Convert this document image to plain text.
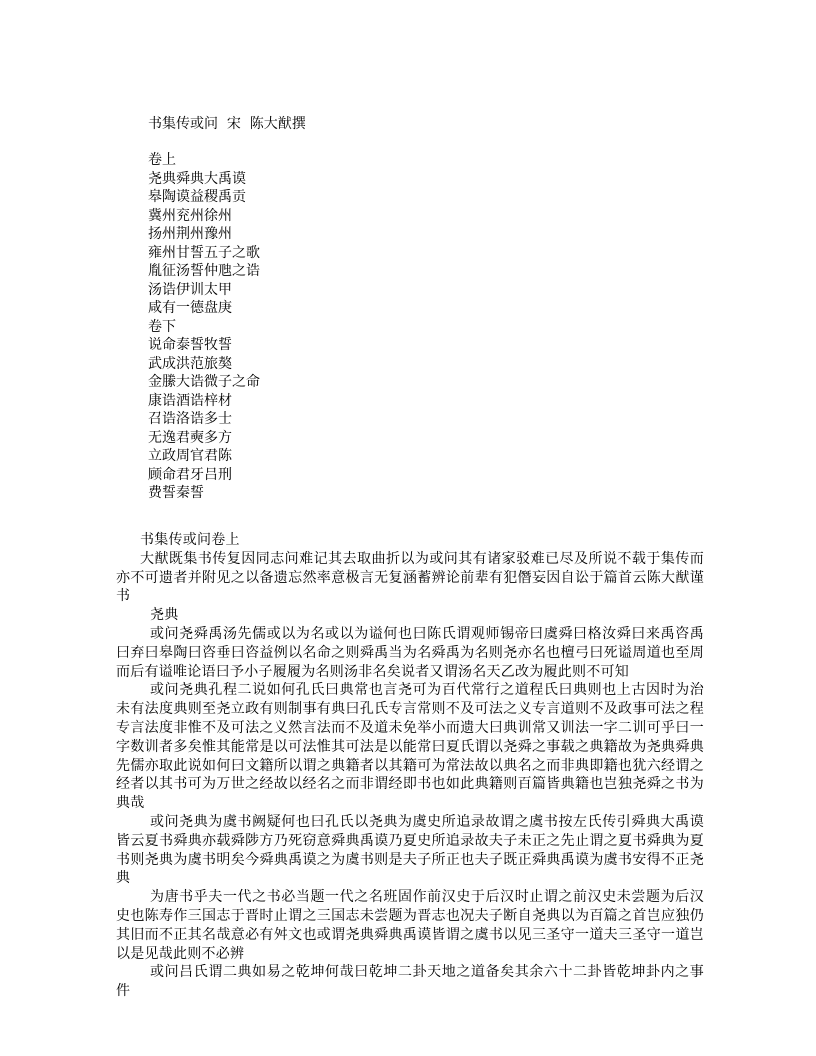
书集传或问  宋  陈大猷撰
卷上
尧典舜典大禹谟
皋陶谟益稷禹贡
冀州兖州徐州
扬州荆州豫州
雍州甘誓五子之歌
胤征汤誓仲虺之诰
汤诰伊训太甲
咸有一德盘庚
卷下
说命泰誓牧誓
武成洪范旅獒
金縢大诰微子之命
康诰酒诰梓材
召诰洛诰多士
无逸君奭多方
立政周官君陈
顾命君牙吕刑
费誓秦誓

书集传或问卷上

大猷既集书传复因同志问难记其去取曲折以为或问其有诸家驳难已尽及所说不载于集传而亦不可遗者并附见之以备遗忘然率意极言无复涵蓄辨论前辈有犯僭妄因自讼于篇首云陈大猷谨书

尧典

或问尧舜禹汤先儒或以为名或以为谥何也曰陈氏谓观师锡帝曰虞舜曰格汝舜曰来禹咨禹曰弃曰皋陶曰咨垂曰咨益例以名命之则舜禹当为名舜禹为名则尧亦名也檀弓曰死谥周道也至周而后有谥唯论语曰予小子履履为名则汤非名矣说者又谓汤名天乙改为履此则不可知

或问尧典孔程二说如何孔氏曰典常也言尧可为百代常行之道程氏曰典则也上古因时为治未有法度典则至尧立政有则制事有典曰孔氏专言常则不及可法之义专言道则不及政事可法之程专言法度非惟不及可法之义然言法而不及道未免举小而遗大曰典训常又训法一字二训可乎曰一字数训者多矣惟其能常是以可法惟其可法是以能常曰夏氏谓以尧舜之事载之典籍故为尧典舜典先儒亦取此说如何曰文籍所以谓之典籍者以其籍可为常法故以典名之而非典即籍也犹六经谓之经者以其书可为万世之经故以经名之而非谓经即书也如此典籍则百篇皆典籍也岂独尧舜之书为典哉

或问尧典为虞书阙疑何也曰孔氏以尧典为虞史所追录故谓之虞书按左氏传引舜典大禹谟皆云夏书舜典亦载舜陟方乃死窃意舜典禹谟乃夏史所追录故夫子未正之先止谓之夏书舜典为夏书则尧典为虞书明矣今舜典禹谟之为虞书则是夫子所正也夫子既正舜典禹谟为虞书安得不正尧典

为唐书乎夫一代之书必当题一代之名班固作前汉史于后汉时止谓之前汉史未尝题为后汉史也陈寿作三国志于晋时止谓之三国志未尝题为晋志也况夫子断自尧典以为百篇之首岂应独仍其旧而不正其名哉意必有舛文也或谓尧典舜典禹谟皆谓之虞书以见三圣守一道夫三圣守一道岂以是见哉此则不必辨

或问吕氏谓二典如易之乾坤何哉曰乾坤二卦天地之道备矣其余六十二卦皆乾坤卦内之事件
